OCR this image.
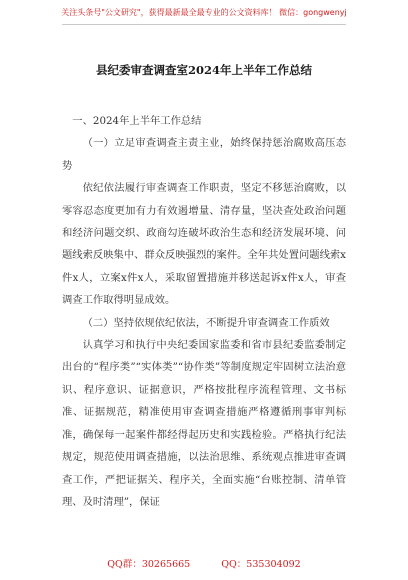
关注头条号"公文研究"，获得最新最全最专业的公文资料库！ 微信：gongwenyj
县纪委审查调查室2024年上半年工作总结

一、2024年上半年工作总结

（一）立足审查调查主责主业，始终保持惩治腐败高压态势

依纪依法履行审查调查工作职责，坚定不移惩治腐败，以零容忍态度更加有力有效遏增量、清存量，坚决查处政治问题和经济问题交织、政商勾连破坏政治生态和经济发展环境、问题线索反映集中、群众反映强烈的案件。全年共处置问题线索x件x人，立案x件x人，采取留置措施并移送起诉x件x人，审查调查工作取得明显成效。

（二）坚持依规依纪依法，不断提升审查调查工作质效

认真学习和执行中央纪委国家监委和省市县纪委监委制定出台的“程序类”“实体类”“协作类”等制度规定牢固树立法治意识、程序意识、证据意识，严格按批程序流程管理、文书标准、证据规范，精准使用审查调查措施严格遵循刑事审判标准，确保每一起案件都经得起历史和实践检验。严格执行纪法规定，规范使用调查措施，以法治思维、系统观点推进审查调查工作，严把证据关、程序关，全面实施“台账控制、清单管理、及时清理”，保证

QQ群：30265665	QQ：535304092
